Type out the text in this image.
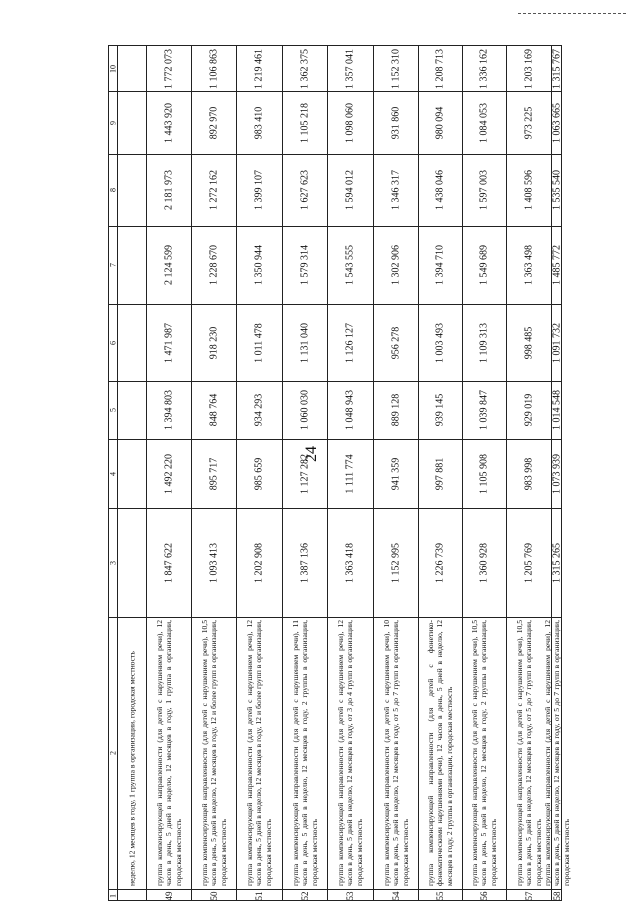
24
1
2
3
4
5
6
7
8
9
10
неделю, 12 месяцев в году, 1 группа в организации, городская местность
49
группа компенсирующей направленности (для детей с нарушением речи), 12 часов в день, 5 дней в неделю, 12 месяцев в году, 1 группа в организации, городская местность
1 847 622
1 492 220
1 394 803
1 471 987
2 124 599
2 181 973
1 443 920
1 772 073
50
группа компенсирующей направленности (для детей с нарушением речи), 10,5 часов в день, 5 дней в неделю, 12 месяцев в году, 12 и более групп в организации, городская местность
1 093 413
895 717
848 764
918 230
1 228 670
1 272 162
892 970
1 106 863
51
группа компенсирующей направленности (для детей с нарушением речи), 12 часов в день, 5 дней в неделю, 12 месяцев в году, 12 и более групп в организации, городская местность
1 202 908
985 659
934 293
1 011 478
1 350 944
1 399 107
983 410
1 219 461
52
группа компенсирующей направленности (для детей с нарушением речи), 11 часов в день, 5 дней в неделю, 12 месяцев в году, 2 группы в организации, городская местность
1 387 136
1 127 282
1 060 030
1 131 040
1 579 314
1 627 623
1 105 218
1 362 375
53
группа компенсирующей направленности (для детей с нарушением речи), 12 часов в день, 5 дней в неделю, 12 месяцев в году, от 3 до 4 групп в организации, городская местность
1 363 418
1 111 774
1 048 943
1 126 127
1 543 555
1 594 012
1 098 060
1 357 041
54
группа компенсирующей направленности (для детей с нарушением речи), 10 часов в день, 5 дней в неделю, 12 месяцев в году, от 5 до 7 групп в организации, городская местность
1 152 995
941 359
889 128
956 278
1 302 906
1 346 317
931 860
1 152 310
55
группа компенсирующей направленности (для детей с фонетико-фонематическими нарушениями речи), 12 часов в день, 5 дней в неделю, 12 месяцев в году, 2 группы в организации, городская местность
1 226 739
997 881
939 145
1 003 493
1 394 710
1 438 046
980 094
1 208 713
56
группа компенсирующей направленности (для детей с нарушением речи), 10,5 часов в день, 5 дней в неделю, 12 месяцев в году, 2 группы в организации, городская местность
1 360 928
1 105 908
1 039 847
1 109 313
1 549 689
1 597 003
1 084 053
1 336 162
57
группа компенсирующей направленности (для детей с нарушением речи), 10,5 часов в день, 5 дней в неделю, 12 месяцев в году, от 5 до 7 групп в организации, городская местность
1 205 769
983 998
929 019
998 485
1 363 498
1 408 596
973 225
1 203 169
58
группа компенсирующей направленности (для детей с нарушением речи), 12 часов в день, 5 дней в неделю, 12 месяцев в году, от 5 до 7 групп в организации, городская местность
1 315 265
1 073 939
1 014 548
1 091 732
1 485 772
1 535 540
1 063 665
1 315 767
